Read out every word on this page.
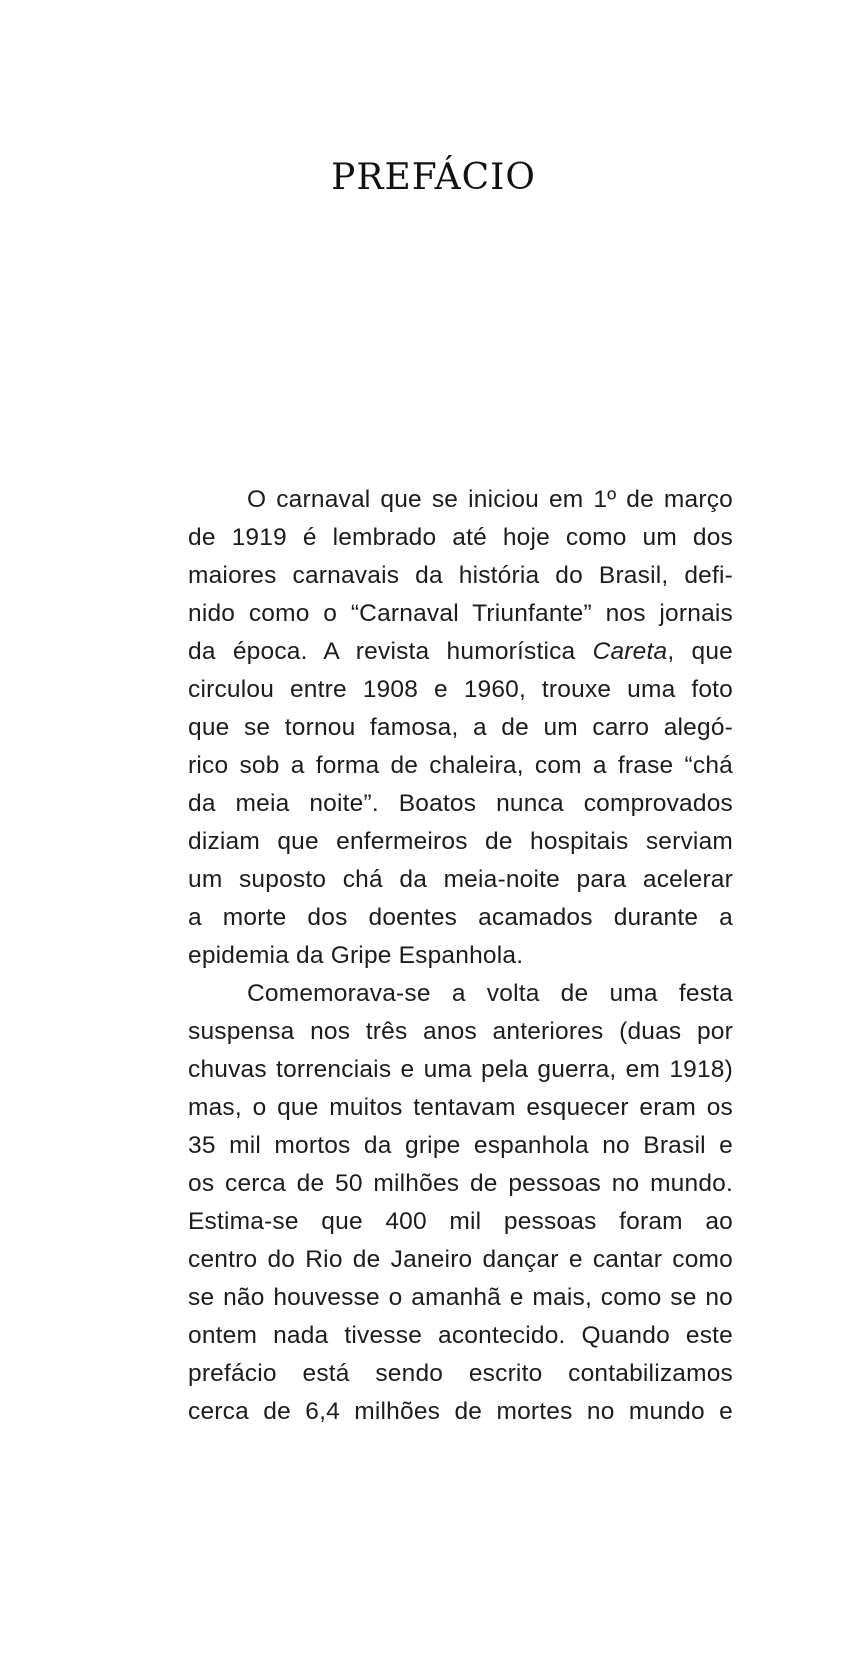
PREFÁCIO
O carnaval que se iniciou em 1º de março
de 1919 é lembrado até hoje como um dos
maiores carnavais da história do Brasil, defi-
nido como o “Carnaval Triunfante” nos jornais
da época. A revista humorística Careta, que
circulou entre 1908 e 1960, trouxe uma foto
que se tornou famosa, a de um carro alegó-
rico sob a forma de chaleira, com a frase “chá
da meia noite”. Boatos nunca comprovados
diziam que enfermeiros de hospitais serviam
um suposto chá da meia-noite para acelerar
a morte dos doentes acamados durante a
epidemia da Gripe Espanhola.
Comemorava-se a volta de uma festa
suspensa nos três anos anteriores (duas por
chuvas torrenciais e uma pela guerra, em 1918)
mas, o que muitos tentavam esquecer eram os
35 mil mortos da gripe espanhola no Brasil e
os cerca de 50 milhões de pessoas no mundo.
Estima-se que 400 mil pessoas foram ao
centro do Rio de Janeiro dançar e cantar como
se não houvesse o amanhã e mais, como se no
ontem nada tivesse acontecido. Quando este
prefácio está sendo escrito contabilizamos
cerca de 6,4 milhões de mortes no mundo e
